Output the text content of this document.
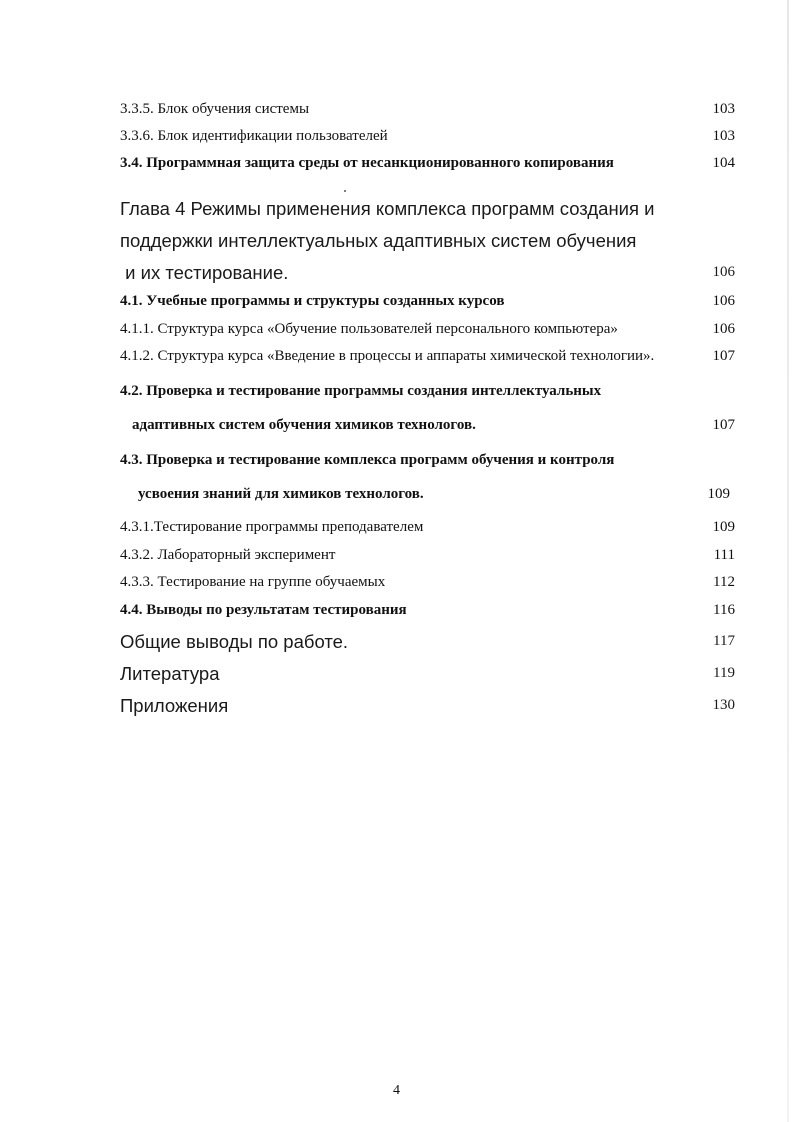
3.3.5. Блок обучения системы	103
3.3.6. Блок идентификации пользователей	103
3.4. Программная защита среды от несанкционированного копирования	104
Глава 4 Режимы применения комплекса программ создания и
поддержки интеллектуальных адаптивных систем обучения
и их тестирование.	106
4.1. Учебные программы и структуры созданных курсов	106
4.1.1. Структура курса «Обучение пользователей персонального компьютера»	106
4.1.2. Структура курса «Введение в процессы и аппараты химической технологии».	107
4.2. Проверка и тестирование программы создания интеллектуальных
адаптивных систем обучения химиков технологов.	107
4.3. Проверка и тестирование комплекса программ обучения и контроля
усвоения знаний для химиков технологов.	109
4.3.1.Тестирование программы преподавателем	109
4.3.2. Лабораторный эксперимент	111
4.3.3. Тестирование на группе обучаемых	112
4.4. Выводы по результатам тестирования	116
Общие выводы по работе.	117
Литература	119
Приложения	130
4
